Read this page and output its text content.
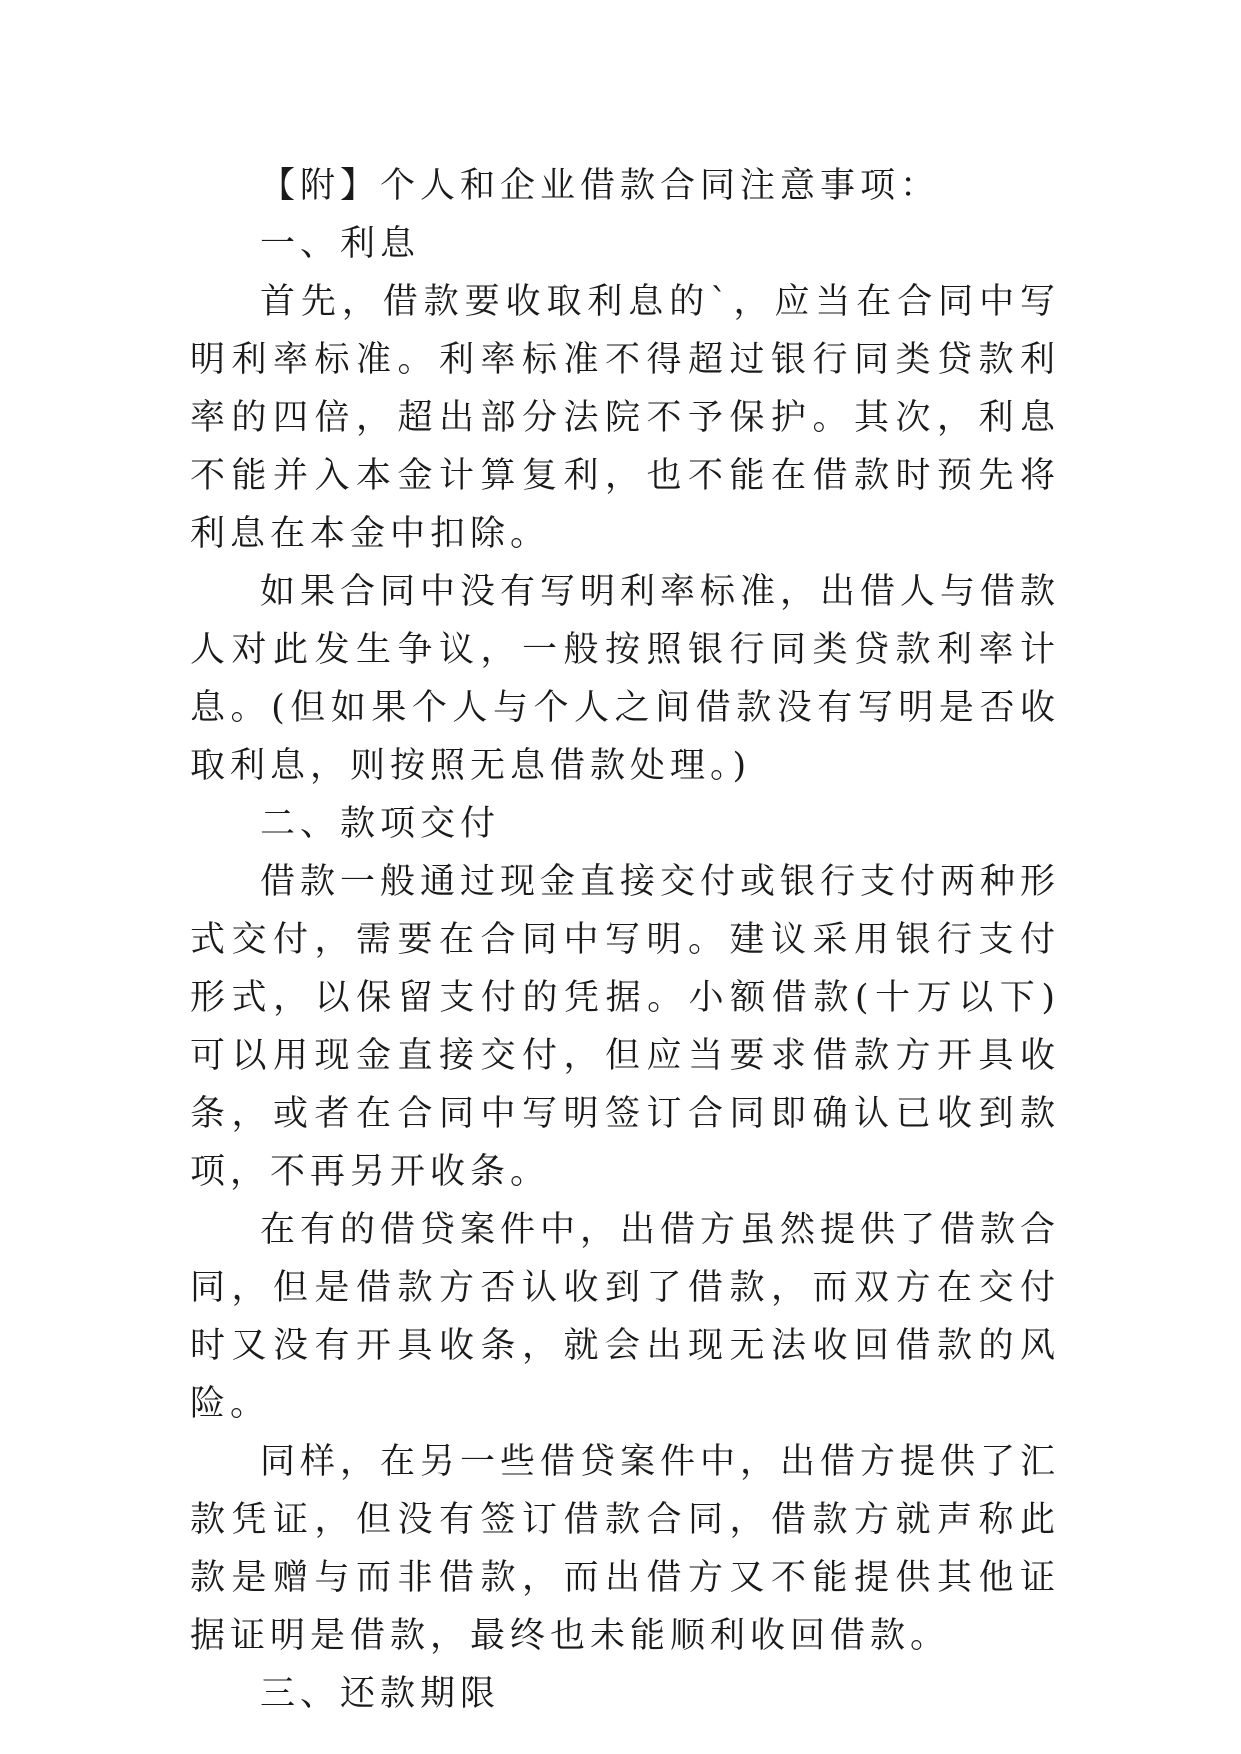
【附】个人和企业借款合同注意事项：

一、利息

首先，借款要收取利息的`，应当在合同中写明利率标准。利率标准不得超过银行同类贷款利率的四倍，超出部分法院不予保护。其次，利息不能并入本金计算复利，也不能在借款时预先将利息在本金中扣除。

如果合同中没有写明利率标准，出借人与借款人对此发生争议，一般按照银行同类贷款利率计息。(但如果个人与个人之间借款没有写明是否收取利息，则按照无息借款处理。)

二、款项交付

借款一般通过现金直接交付或银行支付两种形式交付，需要在合同中写明。建议采用银行支付形式，以保留支付的凭据。小额借款(十万以下)可以用现金直接交付，但应当要求借款方开具收条，或者在合同中写明签订合同即确认已收到款项，不再另开收条。

在有的借贷案件中，出借方虽然提供了借款合同，但是借款方否认收到了借款，而双方在交付时又没有开具收条，就会出现无法收回借款的风险。

同样，在另一些借贷案件中，出借方提供了汇款凭证，但没有签订借款合同，借款方就声称此款是赠与而非借款，而出借方又不能提供其他证据证明是借款，最终也未能顺利收回借款。

三、还款期限
